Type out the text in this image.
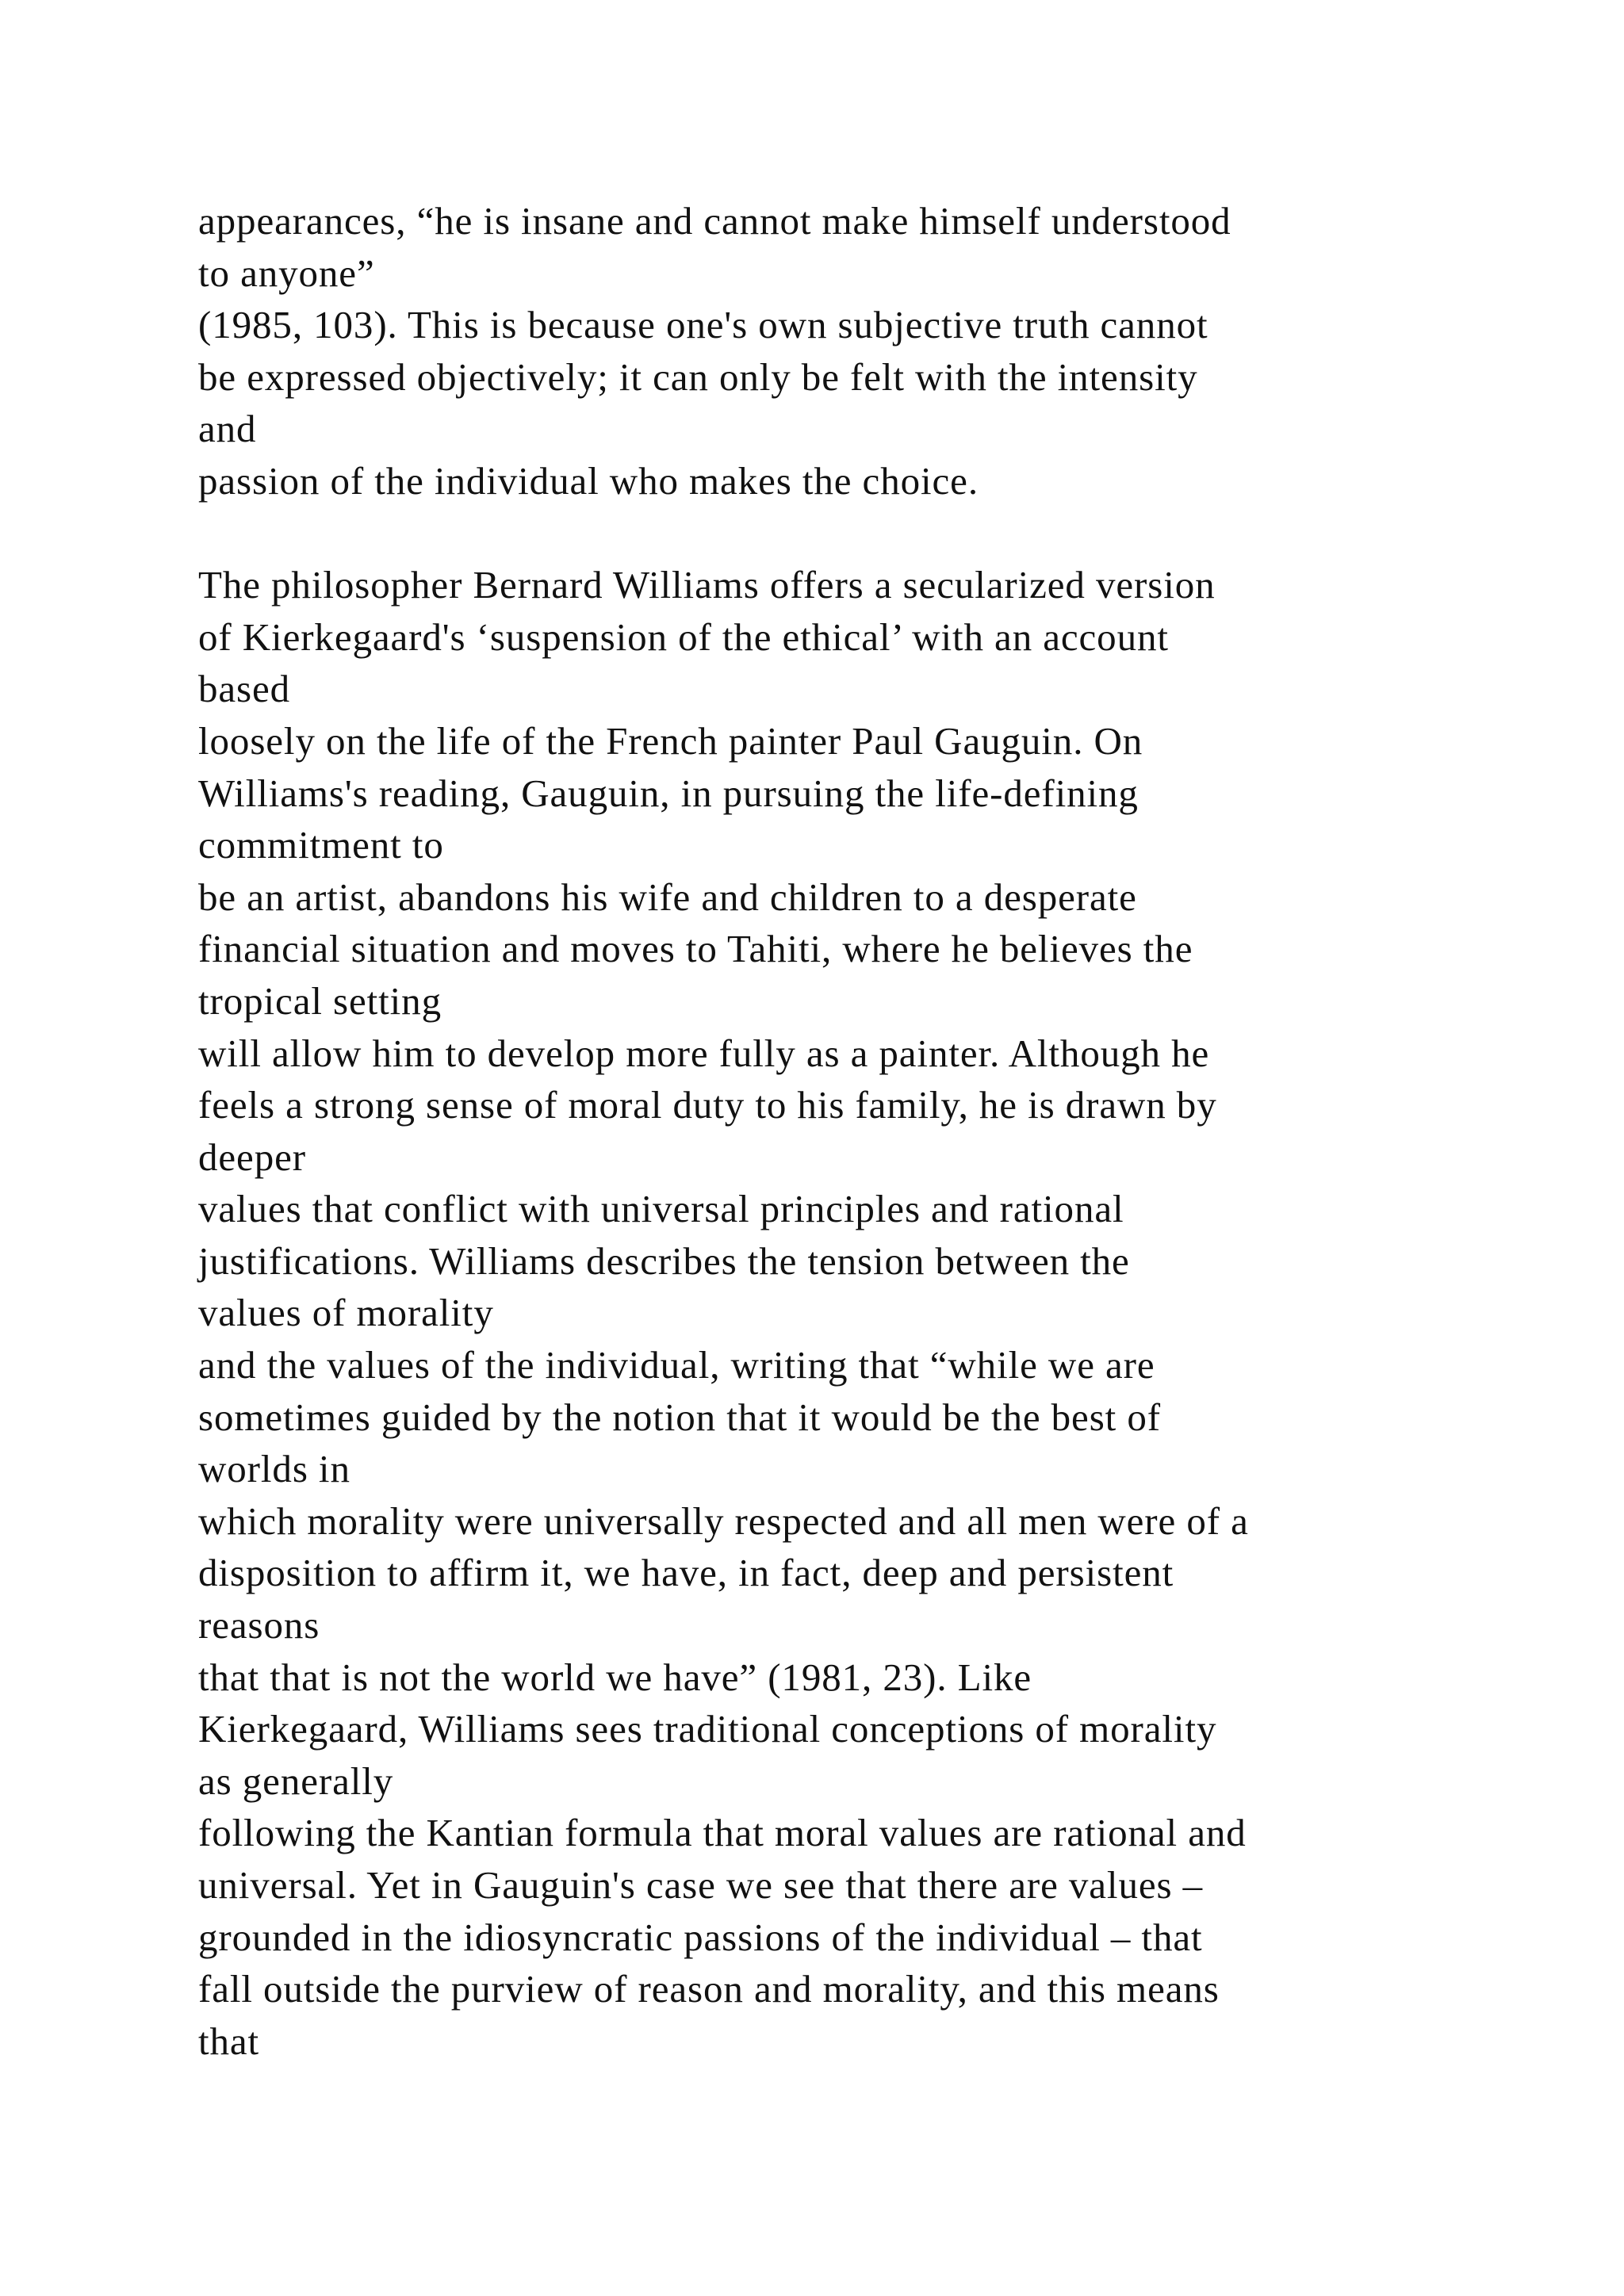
appearances, “he is insane and cannot make himself understood
to anyone”
(1985, 103). This is because one's own subjective truth cannot
be expressed objectively; it can only be felt with the intensity
and
passion of the individual who makes the choice.
The philosopher Bernard Williams offers a secularized version
of Kierkegaard's ‘suspension of the ethical’ with an account
based
loosely on the life of the French painter Paul Gauguin. On
Williams's reading, Gauguin, in pursuing the life-defining
commitment to
be an artist, abandons his wife and children to a desperate
financial situation and moves to Tahiti, where he believes the
tropical setting
will allow him to develop more fully as a painter. Although he
feels a strong sense of moral duty to his family, he is drawn by
deeper
values that conflict with universal principles and rational
justifications. Williams describes the tension between the
values of morality
and the values of the individual, writing that “while we are
sometimes guided by the notion that it would be the best of
worlds in
which morality were universally respected and all men were of a
disposition to affirm it, we have, in fact, deep and persistent
reasons
that that is not the world we have” (1981, 23). Like
Kierkegaard, Williams sees traditional conceptions of morality
as generally
following the Kantian formula that moral values are rational and
universal. Yet in Gauguin's case we see that there are values –
grounded in the idiosyncratic passions of the individual – that
fall outside the purview of reason and morality, and this means
that
